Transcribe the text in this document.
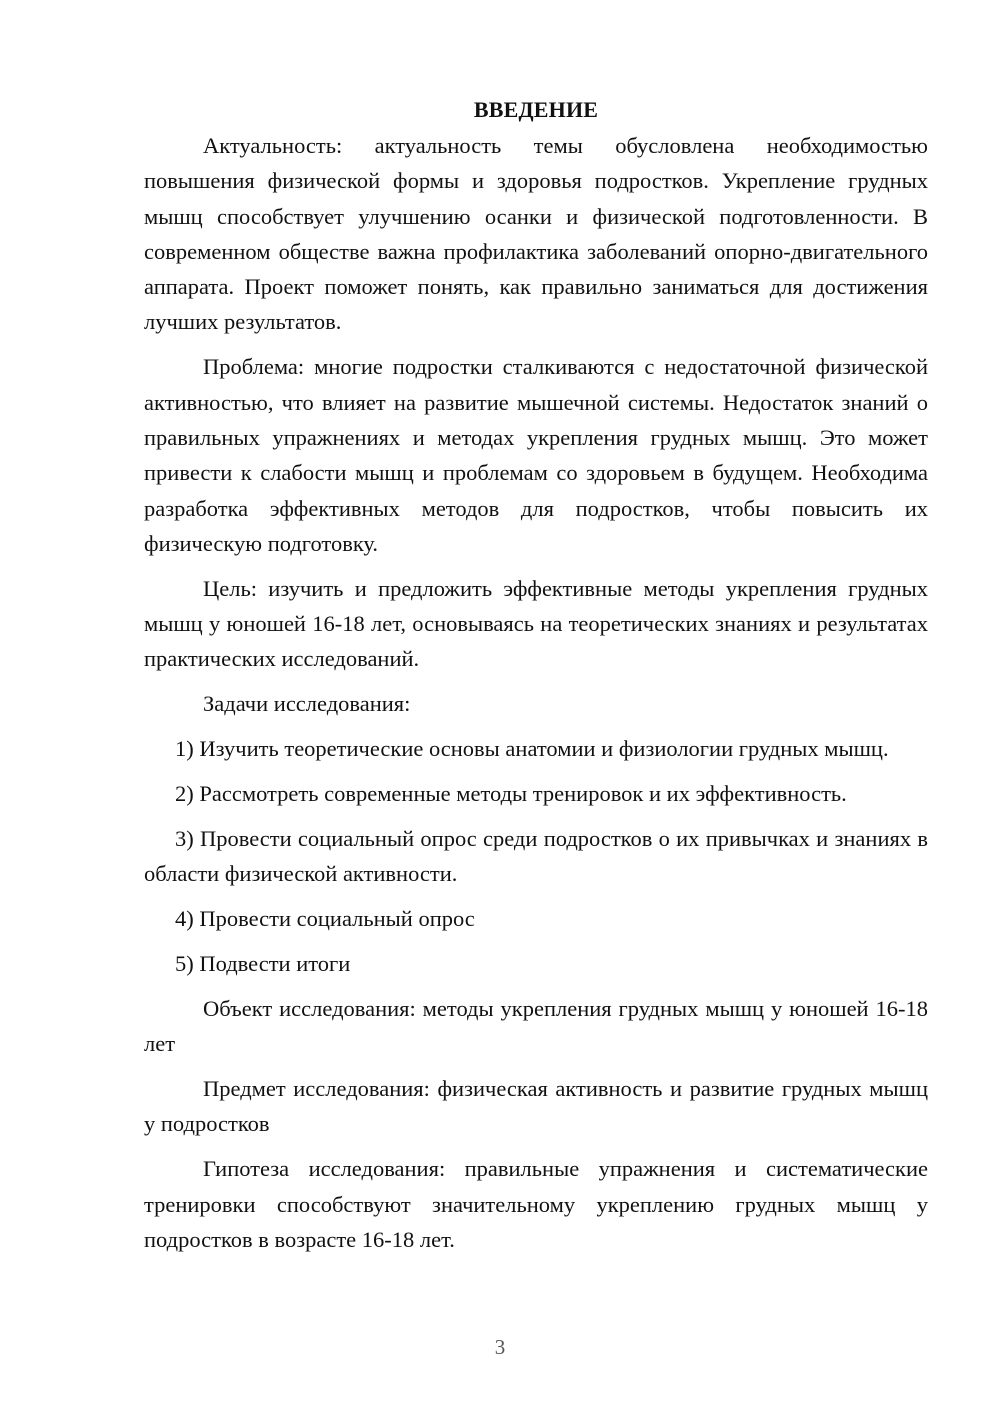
ВВЕДЕНИЕ

Актуальность: актуальность темы обусловлена необходимостью повышения физической формы и здоровья подростков. Укрепление грудных мышц способствует улучшению осанки и физической подготовленности. В современном обществе важна профилактика заболеваний опорно-двигательного аппарата. Проект поможет понять, как правильно заниматься для достижения лучших результатов.

Проблема: многие подростки сталкиваются с недостаточной физической активностью, что влияет на развитие мышечной системы. Недостаток знаний о правильных упражнениях и методах укрепления грудных мышц. Это может привести к слабости мышц и проблемам со здоровьем в будущем. Необходима разработка эффективных методов для подростков, чтобы повысить их физическую подготовку.

Цель: изучить и предложить эффективные методы укрепления грудных мышц у юношей 16-18 лет, основываясь на теоретических знаниях и результатах практических исследований.

Задачи исследования:

1) Изучить теоретические основы анатомии и физиологии грудных мышц.

2) Рассмотреть современные методы тренировок и их эффективность.

3) Провести социальный опрос среди подростков о их привычках и знаниях в области физической активности.

4) Провести социальный опрос

5) Подвести итоги

Объект исследования: методы укрепления грудных мышц у юношей 16-18 лет

Предмет исследования: физическая активность и развитие грудных мышц у подростков

Гипотеза исследования: правильные упражнения и систематические тренировки способствуют значительному укреплению грудных мышц у подростков в возрасте 16-18 лет.

3
